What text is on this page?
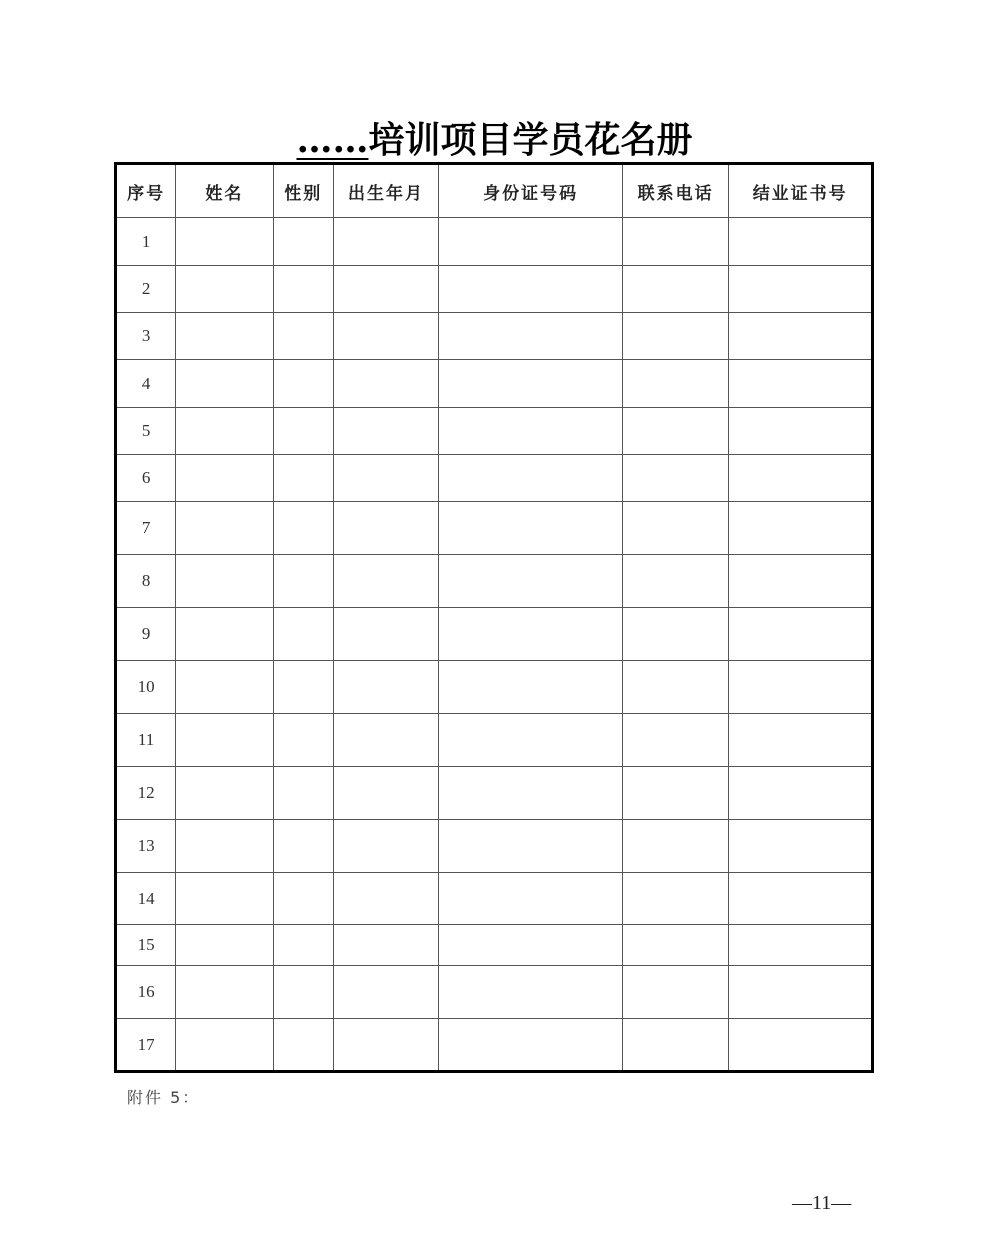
……培训项目学员花名册
序号	姓名	性别	出生年月	身份证号码	联系电话	结业证书号
1						
2						
3						
4						
5						
6						
7						
8						
9						
10						
11						
12						
13						
14						
15						
16						
17						
附件 5：
—11—
